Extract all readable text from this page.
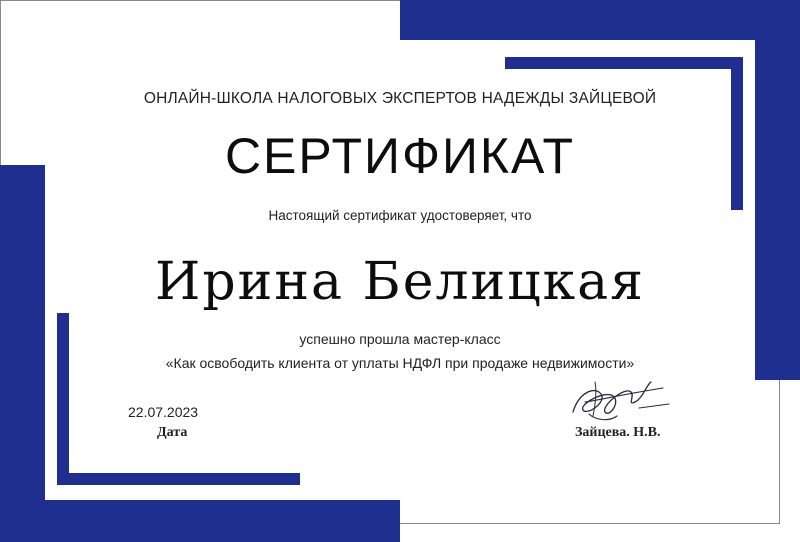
ОНЛАЙН-ШКОЛА НАЛОГОВЫХ ЭКСПЕРТОВ НАДЕЖДЫ ЗАЙЦЕВОЙ
СЕРТИФИКАТ
Настоящий сертификат удостоверяет, что
Ирина Белицкая
успешно прошла мастер-класс
«Как освободить клиента от уплаты НДФЛ при продаже недвижимости»
22.07.2023
Дата	Зайцева. Н.В.
